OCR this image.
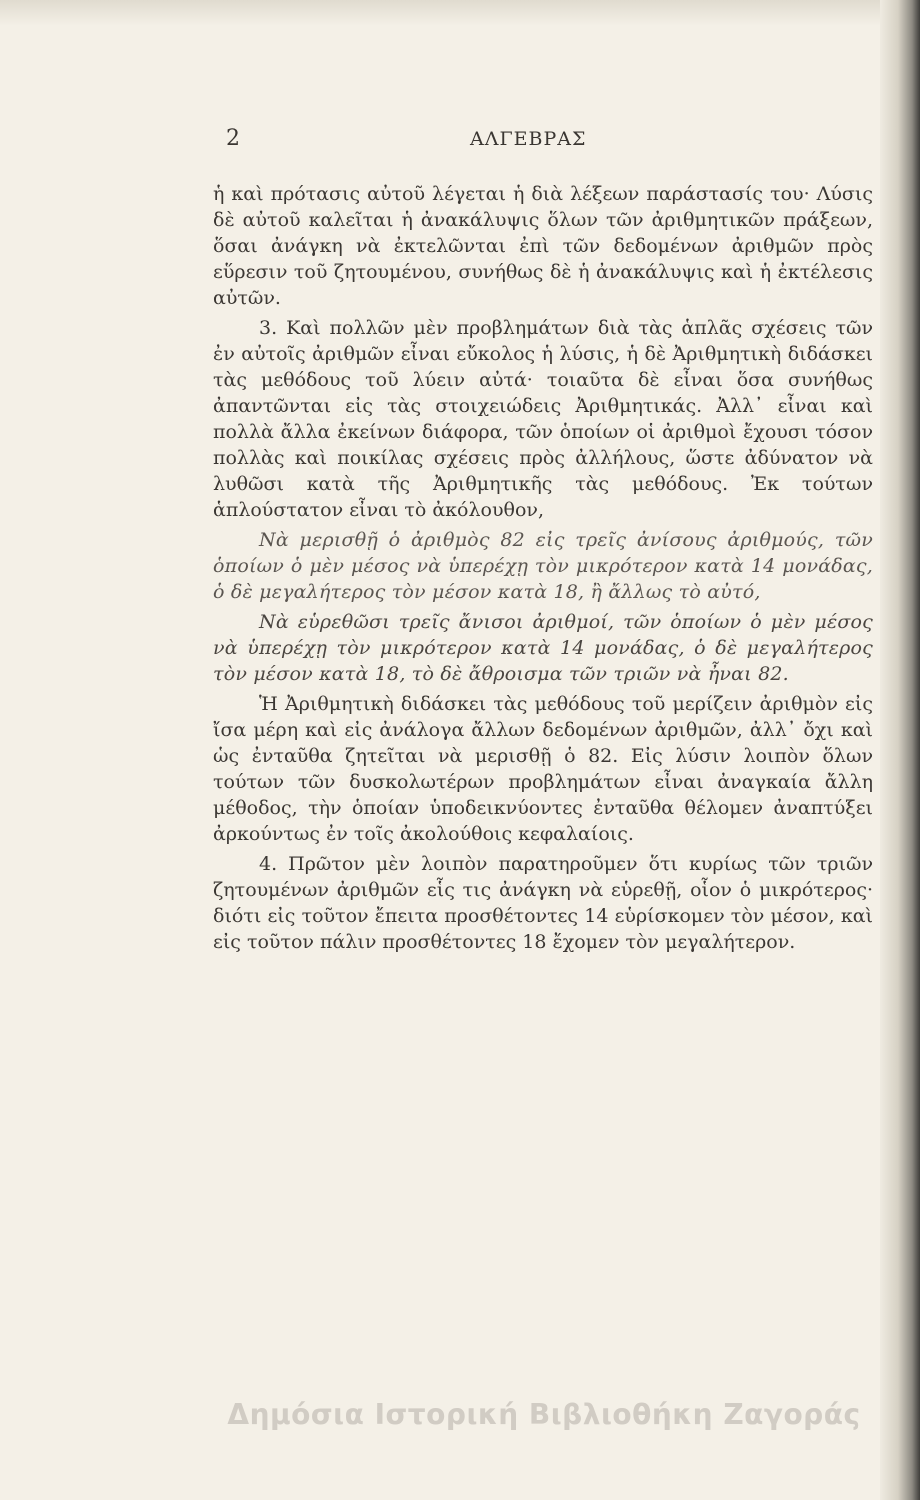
2	ΑΛΓΕΒΡΑΣ

ἡ καὶ πρότασις αὐτοῦ λέγεται ἡ διὰ λέξεων παράστασίς του· Λύσις δὲ αὐτοῦ καλεῖται ἡ ἀνακάλυψις ὅλων τῶν ἀριθμητικῶν πράξεων, ὅσαι ἀνάγκη νὰ ἐκτελῶνται ἐπὶ τῶν δεδομένων ἀριθμῶν πρὸς εὕρεσιν τοῦ ζητουμένου, συνήθως δὲ ἡ ἀνακάλυψις καὶ ἡ ἐκτέλεσις αὐτῶν.

3. Καὶ πολλῶν μὲν προβλημάτων διὰ τὰς ἁπλᾶς σχέσεις τῶν ἐν αὐτοῖς ἀριθμῶν εἶναι εὔκολος ἡ λύσις, ἡ δὲ Ἀριθμητικὴ διδάσκει τὰς μεθόδους τοῦ λύειν αὐτά· τοιαῦτα δὲ εἶναι ὅσα συνήθως ἀπαντῶνται εἰς τὰς στοιχειώδεις Ἀριθμητικάς. Ἀλλ᾽ εἶναι καὶ πολλὰ ἄλλα ἐκείνων διάφορα, τῶν ὁποίων οἱ ἀριθμοὶ ἔχουσι τόσον πολλὰς καὶ ποικίλας σχέσεις πρὸς ἀλλήλους, ὥστε ἀδύνατον νὰ λυθῶσι κατὰ τῆς Ἀριθμητικῆς τὰς μεθόδους. Ἐκ τούτων ἁπλούστατον εἶναι τὸ ἀκόλουθον,

Νὰ μερισθῇ ὁ ἀριθμὸς 82 εἰς τρεῖς ἀνίσους ἀριθμούς, τῶν ὁποίων ὁ μὲν μέσος νὰ ὑπερέχῃ τὸν μικρότερον κατὰ 14 μονάδας, ὁ δὲ μεγαλήτερος τὸν μέσον κατὰ 18, ἢ ἄλλως τὸ αὐτό,

Νὰ εὑρεθῶσι τρεῖς ἄνισοι ἀριθμοί, τῶν ὁποίων ὁ μὲν μέσος νὰ ὑπερέχῃ τὸν μικρότερον κατὰ 14 μονάδας, ὁ δὲ μεγαλήτερος τὸν μέσον κατὰ 18, τὸ δὲ ἄθροισμα τῶν τριῶν νὰ ἦναι 82.

Ἡ Ἀριθμητικὴ διδάσκει τὰς μεθόδους τοῦ μερίζειν ἀριθμὸν εἰς ἴσα μέρη καὶ εἰς ἀνάλογα ἄλλων δεδομένων ἀριθμῶν, ἀλλ᾽ ὄχι καὶ ὡς ἐνταῦθα ζητεῖται νὰ μερισθῇ ὁ 82. Εἰς λύσιν λοιπὸν ὅλων τούτων τῶν δυσκολωτέρων προβλημάτων εἶναι ἀναγκαία ἄλλη μέθοδος, τὴν ὁποίαν ὑποδεικνύοντες ἐνταῦθα θέλομεν ἀναπτύξει ἀρκούντως ἐν τοῖς ἀκολούθοις κεφαλαίοις.

4. Πρῶτον μὲν λοιπὸν παρατηροῦμεν ὅτι κυρίως τῶν τριῶν ζητουμένων ἀριθμῶν εἷς τις ἀνάγκη νὰ εὑρεθῇ, οἷον ὁ μικρότερος· διότι εἰς τοῦτον ἔπειτα προσθέτοντες 14 εὑρίσκομεν τὸν μέσον, καὶ εἰς τοῦτον πάλιν προσθέτοντες 18 ἔχομεν τὸν μεγαλήτερον.

Δημόσια Ιστορική Βιβλιοθήκη Ζαγοράς
